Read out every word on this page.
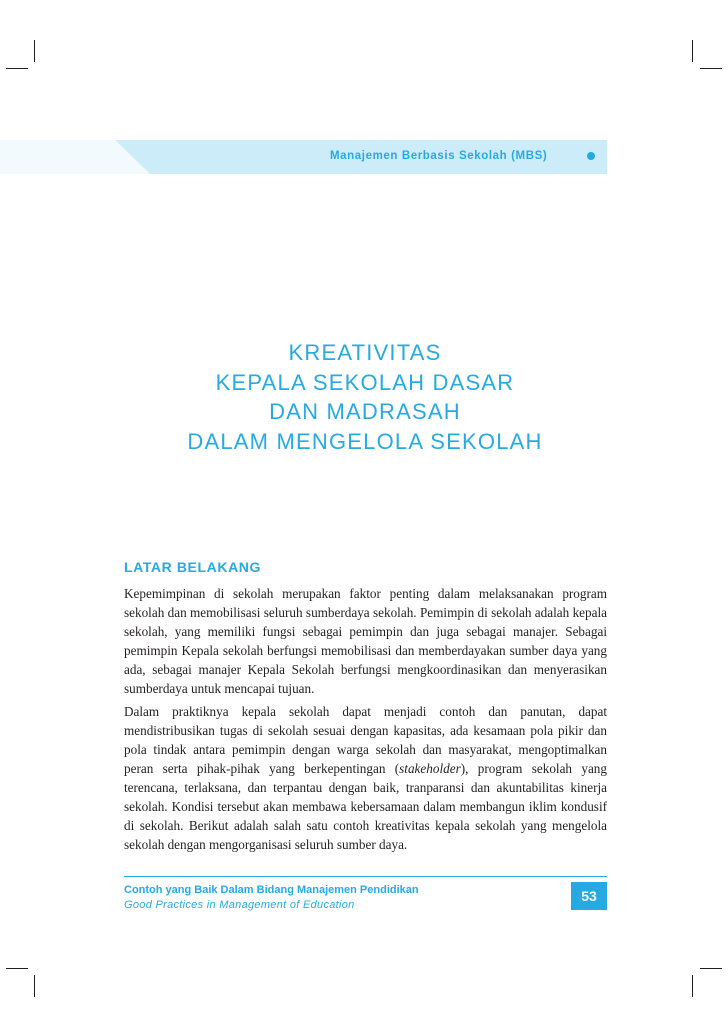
Manajemen Berbasis Sekolah (MBS)
KREATIVITAS
KEPALA SEKOLAH DASAR
DAN MADRASAH
DALAM MENGELOLA SEKOLAH
LATAR BELAKANG

Kepemimpinan di sekolah merupakan faktor penting dalam melaksanakan program sekolah dan memobilisasi seluruh sumberdaya sekolah. Pemimpin di sekolah adalah kepala sekolah, yang memiliki fungsi sebagai pemimpin dan juga sebagai manajer. Sebagai pemimpin Kepala sekolah berfungsi memobilisasi dan memberdayakan sumber daya yang ada, sebagai manajer Kepala Sekolah berfungsi mengkoordinasikan dan menyerasikan sumberdaya untuk mencapai tujuan.

Dalam praktiknya kepala sekolah dapat menjadi contoh dan panutan, dapat mendistribusikan tugas di sekolah sesuai dengan kapasitas, ada kesamaan pola pikir dan pola tindak antara pemimpin dengan warga sekolah dan masyarakat, mengoptimalkan peran serta pihak-pihak yang berkepentingan (stakeholder), program sekolah yang terencana, terlaksana, dan terpantau dengan baik, tranparansi dan akuntabilitas kinerja sekolah. Kondisi tersebut akan membawa kebersamaan dalam membangun iklim kondusif di sekolah. Berikut adalah salah satu contoh kreativitas kepala sekolah yang mengelola sekolah dengan mengorganisasi seluruh sumber daya.

Contoh yang Baik Dalam Bidang Manajemen Pendidikan
Good Practices in Management of Education
53
